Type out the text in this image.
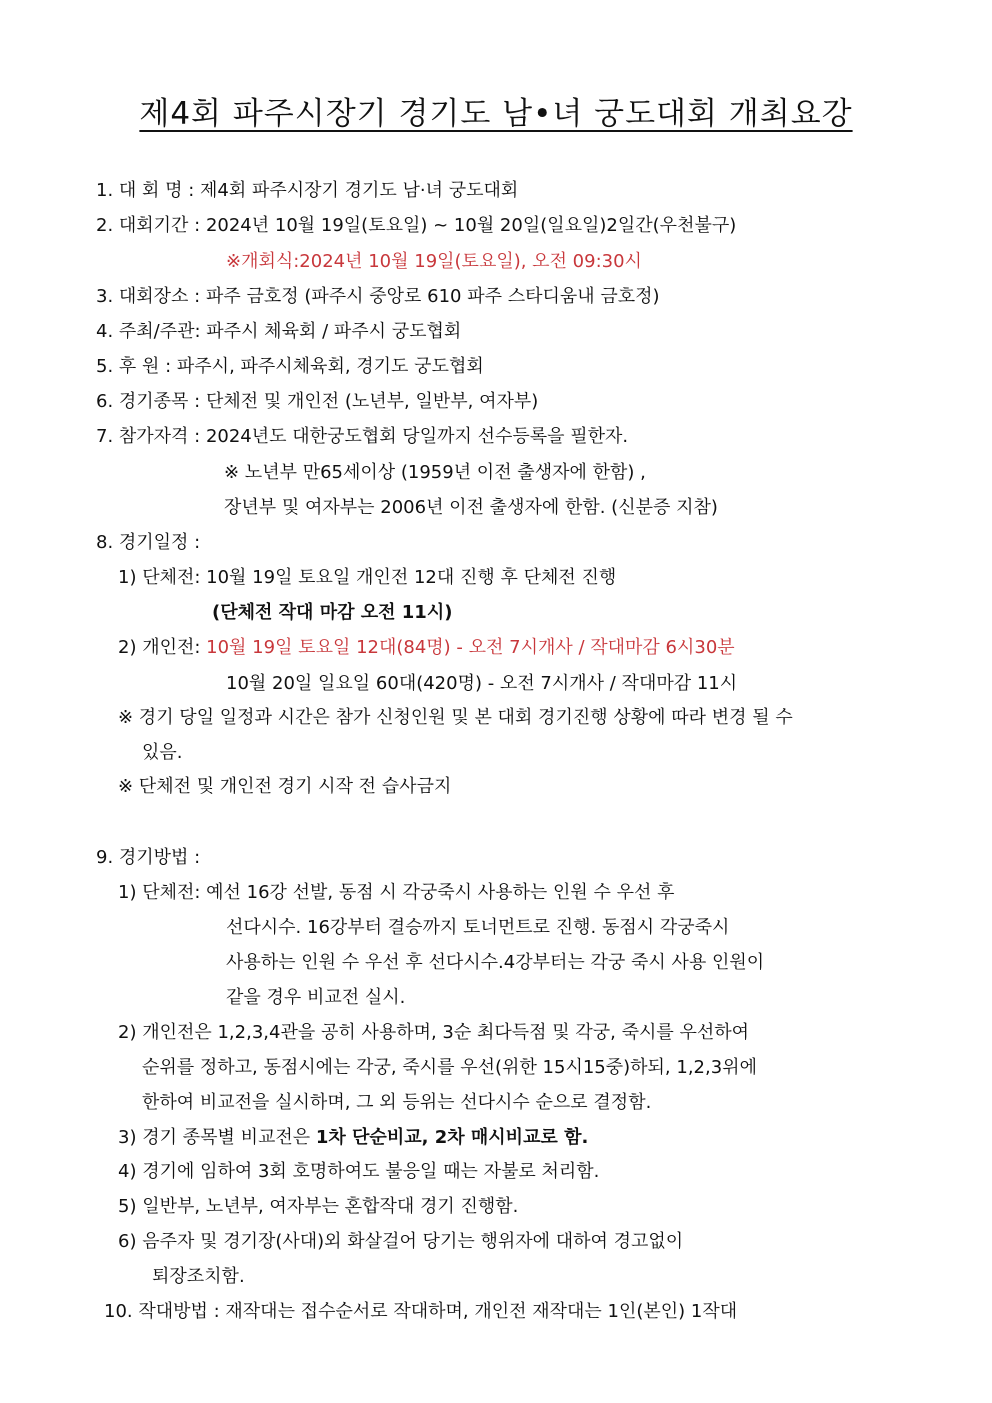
제4회 파주시장기 경기도 남•녀 궁도대회 개최요강
1. 대 회 명 : 제4회 파주시장기 경기도 남·녀 궁도대회
2. 대회기간 : 2024년 10월 19일(토요일) ~ 10월 20일(일요일)2일간(우천불구)
※개회식:2024년 10월 19일(토요일), 오전 09:30시
3. 대회장소 : 파주 금호정 (파주시 중앙로 610 파주 스타디움내 금호정)
4. 주최/주관: 파주시 체육회 / 파주시 궁도협회
5. 후 원 : 파주시, 파주시체육회, 경기도 궁도협회
6. 경기종목 : 단체전 및 개인전 (노년부, 일반부, 여자부)
7. 참가자격 : 2024년도 대한궁도협회 당일까지 선수등록을 필한자.
※ 노년부 만65세이상 (1959년 이전 출생자에 한함) ,
장년부 및 여자부는 2006년 이전 출생자에 한함. (신분증 지참)
8. 경기일정 :
1) 단체전: 10월 19일 토요일 개인전 12대 진행 후 단체전 진행
(단체전 작대 마감 오전 11시)
2) 개인전: 10월 19일 토요일 12대(84명) - 오전 7시개사 / 작대마감 6시30분
10월 20일 일요일 60대(420명) - 오전 7시개사 / 작대마감 11시
※ 경기 당일 일정과 시간은 참가 신청인원 및 본 대회 경기진행 상황에 따라 변경 될 수
있음.
※ 단체전 및 개인전 경기 시작 전 습사금지
9. 경기방법 :
1) 단체전: 예선 16강 선발, 동점 시 각궁죽시 사용하는 인원 수 우선 후
선다시수. 16강부터 결승까지 토너먼트로 진행. 동점시 각궁죽시
사용하는 인원 수 우선 후 선다시수.4강부터는 각궁 죽시 사용 인원이
같을 경우 비교전 실시.
2) 개인전은 1,2,3,4관을 공히 사용하며, 3순 최다득점 및 각궁, 죽시를 우선하여
순위를 정하고, 동점시에는 각궁, 죽시를 우선(위한 15시15중)하되, 1,2,3위에
한하여 비교전을 실시하며, 그 외 등위는 선다시수 순으로 결정함.
3) 경기 종목별 비교전은 1차 단순비교, 2차 매시비교로 함.
4) 경기에 임하여 3회 호명하여도 불응일 때는 자불로 처리함.
5) 일반부, 노년부, 여자부는 혼합작대 경기 진행함.
6) 음주자 및 경기장(사대)외 화살걸어 당기는 행위자에 대하여 경고없이
퇴장조치함.
10. 작대방법 : 재작대는 접수순서로 작대하며, 개인전 재작대는 1인(본인) 1작대
